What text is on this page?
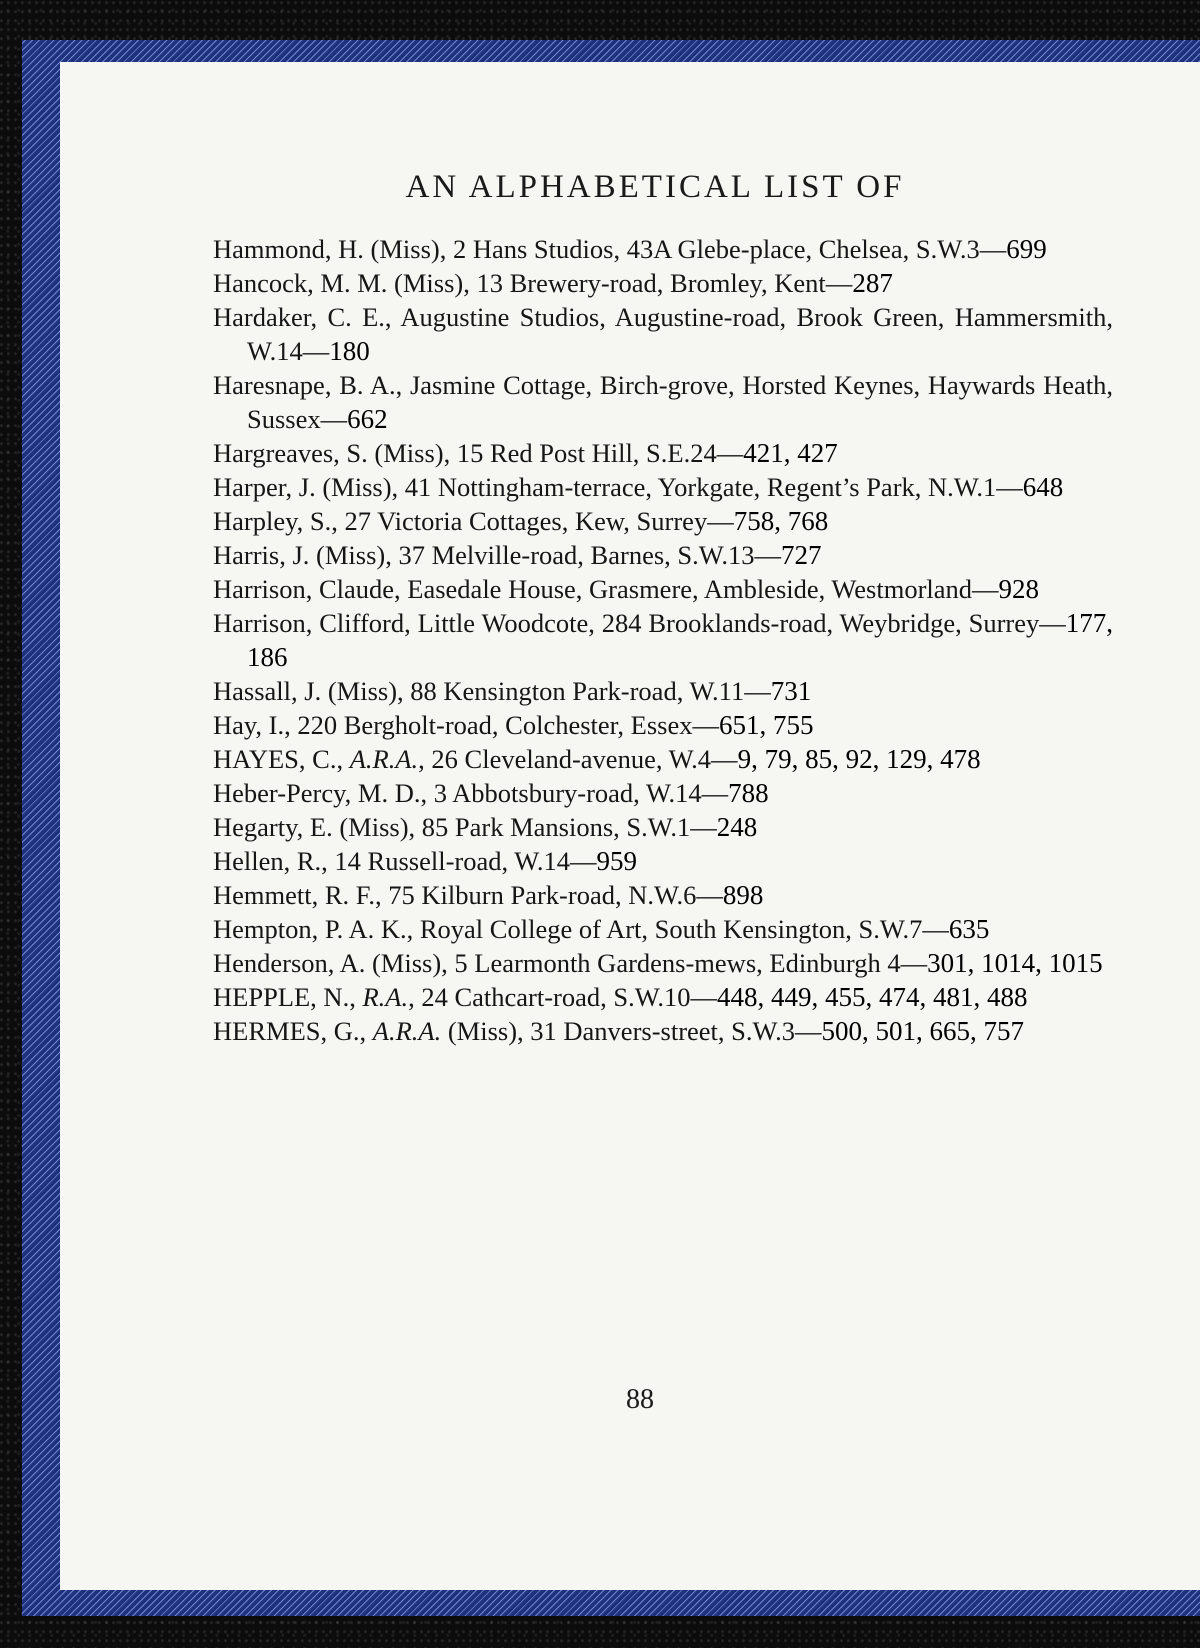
AN ALPHABETICAL LIST OF

Hammond, H. (Miss), 2 Hans Studios, 43A Glebe-place, Chelsea, S.W.3—699

Hancock, M. M. (Miss), 13 Brewery-road, Bromley, Kent—287

Hardaker, C. E., Augustine Studios, Augustine-road, Brook Green, Hammersmith, W.14—180

Haresnape, B. A., Jasmine Cottage, Birch-grove, Horsted Keynes, Haywards Heath, Sussex—662

Hargreaves, S. (Miss), 15 Red Post Hill, S.E.24—421, 427

Harper, J. (Miss), 41 Nottingham-terrace, Yorkgate, Regent’s Park, N.W.1—648

Harpley, S., 27 Victoria Cottages, Kew, Surrey—758, 768

Harris, J. (Miss), 37 Melville-road, Barnes, S.W.13—727

Harrison, Claude, Easedale House, Grasmere, Ambleside, Westmorland—928

Harrison, Clifford, Little Woodcote, 284 Brooklands-road, Weybridge, Surrey—177, 186

Hassall, J. (Miss), 88 Kensington Park-road, W.11—731

Hay, I., 220 Bergholt-road, Colchester, Essex—651, 755

HAYES, C., A.R.A., 26 Cleveland-avenue, W.4—9, 79, 85, 92, 129, 478

Heber-Percy, M. D., 3 Abbotsbury-road, W.14—788

Hegarty, E. (Miss), 85 Park Mansions, S.W.1—248

Hellen, R., 14 Russell-road, W.14—959

Hemmett, R. F., 75 Kilburn Park-road, N.W.6—898

Hempton, P. A. K., Royal College of Art, South Kensington, S.W.7—635

Henderson, A. (Miss), 5 Learmonth Gardens-mews, Edinburgh 4—301, 1014, 1015

HEPPLE, N., R.A., 24 Cathcart-road, S.W.10—448, 449, 455, 474, 481, 488

HERMES, G., A.R.A. (Miss), 31 Danvers-street, S.W.3—500, 501, 665, 757

88
